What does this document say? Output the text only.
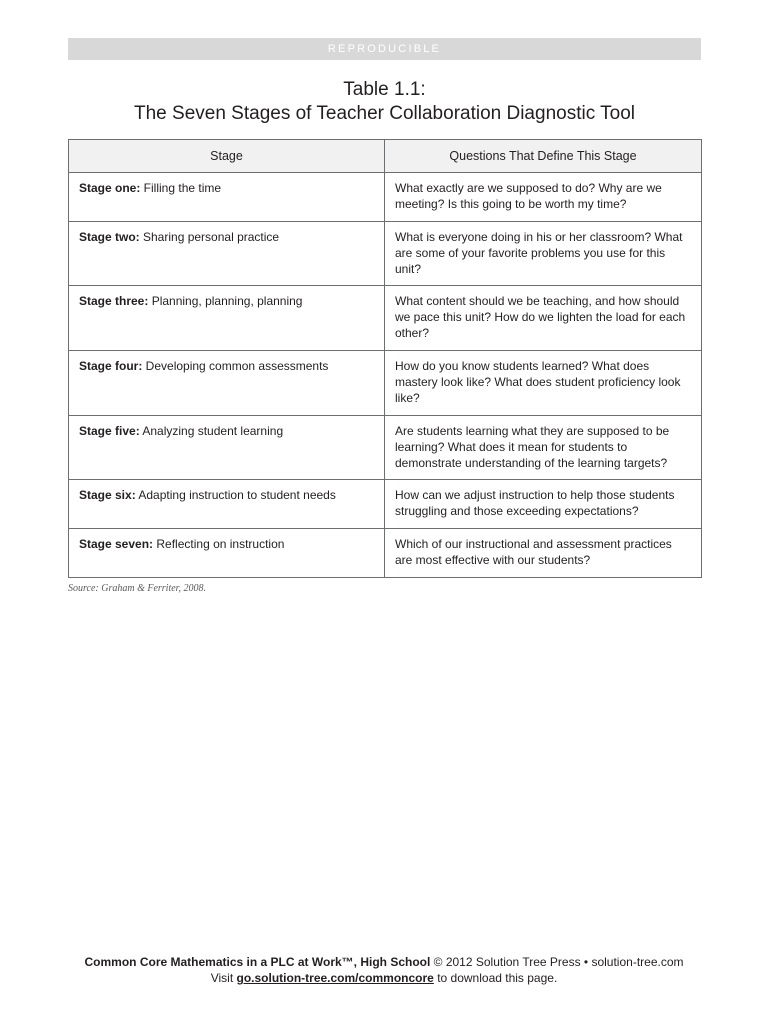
REPRODUCIBLE
Table 1.1:
The Seven Stages of Teacher Collaboration Diagnostic Tool
Stage	Questions That Define This Stage
Stage one: Filling the time	What exactly are we supposed to do? Why are we meeting? Is this going to be worth my time?
Stage two: Sharing personal practice	What is everyone doing in his or her classroom? What are some of your favorite problems you use for this unit?
Stage three: Planning, planning, planning	What content should we be teaching, and how should we pace this unit? How do we lighten the load for each other?
Stage four: Developing common assessments	How do you know students learned? What does mastery look like? What does student proficiency look like?
Stage five: Analyzing student learning	Are students learning what they are supposed to be learning? What does it mean for students to demonstrate understanding of the learning targets?
Stage six: Adapting instruction to student needs	How can we adjust instruction to help those students struggling and those exceeding expectations?
Stage seven: Reflecting on instruction	Which of our instructional and assessment practices are most effective with our students?
Source: Graham & Ferriter, 2008.
Common Core Mathematics in a PLC at Work™, High School © 2012 Solution Tree Press • solution-tree.com
Visit go.solution-tree.com/commoncore to download this page.
